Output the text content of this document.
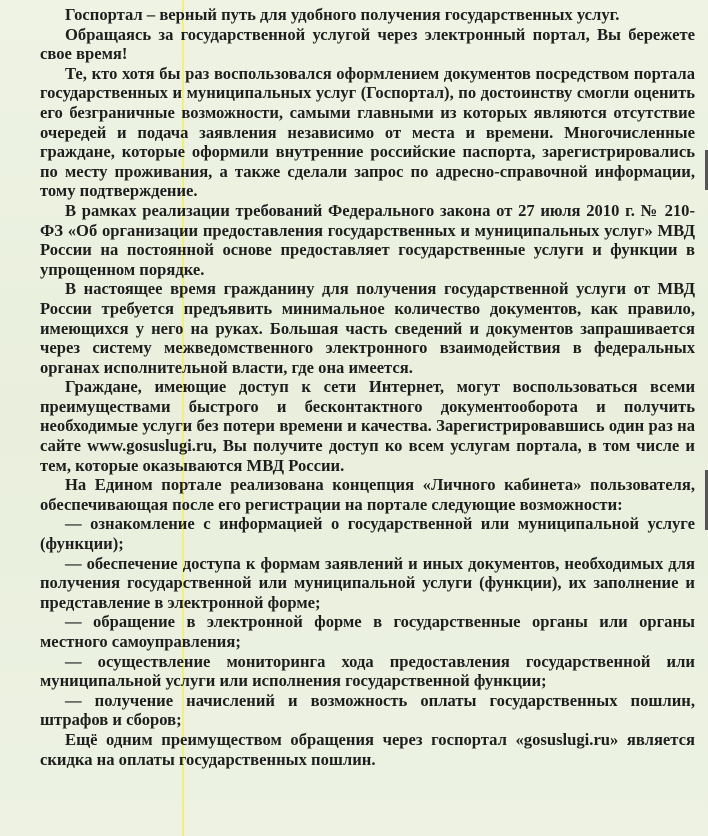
Госпортал – верный путь для удобного получения государственных услуг.

Обращаясь за государственной услугой через электронный портал, Вы бережете свое время!

Те, кто хотя бы раз воспользовался оформлением документов посредством портала государственных и муниципальных услуг (Госпортал), по достоинству смогли оценить его безграничные возможности, самыми главными из которых являются отсутствие очередей и подача заявления независимо от места и времени. Многочисленные граждане, которые оформили внутренние российские паспорта, зарегистрировались по месту проживания, а также сделали запрос по адресно-справочной информации, тому подтверждение.

В рамках реализации требований Федерального закона от 27 июля 2010 г. № 210-ФЗ «Об организации предоставления государственных и муниципальных услуг» МВД России на постоянной основе предоставляет государственные услуги и функции в упрощенном порядке.

В настоящее время гражданину для получения государственной услуги от МВД России требуется предъявить минимальное количество документов, как правило, имеющихся у него на руках. Большая часть сведений и документов запрашивается через систему межведомственного электронного взаимодействия в федеральных органах исполнительной власти, где она имеется.

Граждане, имеющие доступ к сети Интернет, могут воспользоваться всеми преимуществами быстрого и бесконтактного документооборота и получить необходимые услуги без потери времени и качества. Зарегистрировавшись один раз на сайте www.gosuslugi.ru, Вы получите доступ ко всем услугам портала, в том числе и тем, которые оказываются МВД России.

На Едином портале реализована концепция «Личного кабинета» пользователя, обеспечивающая после его регистрации на портале следующие возможности:

— ознакомление с информацией о государственной или муниципальной услуге (функции);

— обеспечение доступа к формам заявлений и иных документов, необходимых для получения государственной или муниципальной услуги (функции), их заполнение и представление в электронной форме;

— обращение в электронной форме в государственные органы или органы местного самоуправления;

— осуществление мониторинга хода предоставления государственной или муниципальной услуги или исполнения государственной функции;

— получение начислений и возможность оплаты государственных пошлин, штрафов и сборов;

Ещё одним преимуществом обращения через госпортал «gosuslugi.ru» является скидка на оплаты государственных пошлин.
